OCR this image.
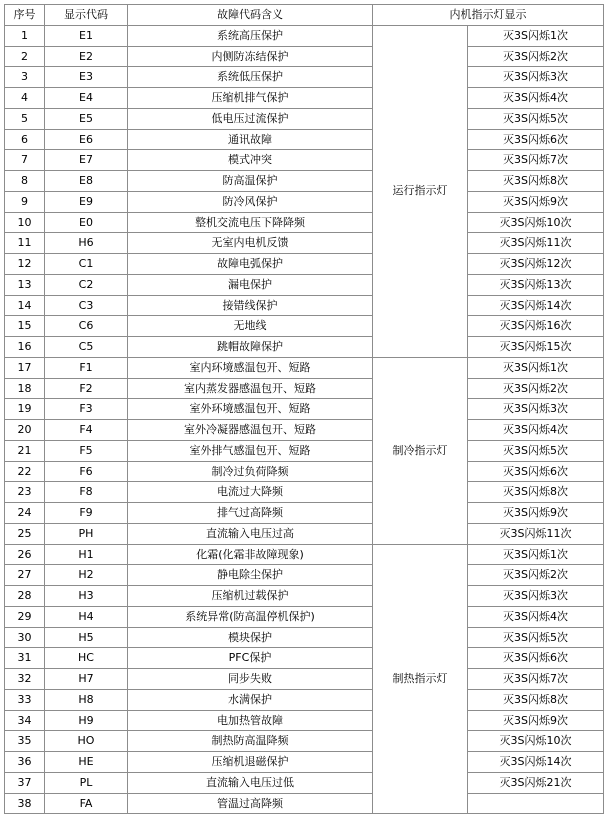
序号	显示代码	故障代码含义	内机指示灯显示	
1	E1	系统高压保护	运行指示灯	灭3S闪烁1次
2	E2	内侧防冻结保护		灭3S闪烁2次
3	E3	系统低压保护		灭3S闪烁3次
4	E4	压缩机排气保护		灭3S闪烁4次
5	E5	低电压过流保护		灭3S闪烁5次
6	E6	通讯故障		灭3S闪烁6次
7	E7	模式冲突		灭3S闪烁7次
8	E8	防高温保护		灭3S闪烁8次
9	E9	防冷风保护		灭3S闪烁9次
10	E0	整机交流电压下降降频		灭3S闪烁10次
11	H6	无室内电机反馈		灭3S闪烁11次
12	C1	故障电弧保护		灭3S闪烁12次
13	C2	漏电保护		灭3S闪烁13次
14	C3	接错线保护		灭3S闪烁14次
15	C6	无地线		灭3S闪烁16次
16	C5	跳帽故障保护		灭3S闪烁15次
17	F1	室内环境感温包开、短路	制冷指示灯	灭3S闪烁1次
18	F2	室内蒸发器感温包开、短路		灭3S闪烁2次
19	F3	室外环境感温包开、短路		灭3S闪烁3次
20	F4	室外冷凝器感温包开、短路		灭3S闪烁4次
21	F5	室外排气感温包开、短路		灭3S闪烁5次
22	F6	制冷过负荷降频		灭3S闪烁6次
23	F8	电流过大降频		灭3S闪烁8次
24	F9	排气过高降频		灭3S闪烁9次
25	PH	直流输入电压过高		灭3S闪烁11次
26	H1	化霜(化霜非故障现象)	制热指示灯	灭3S闪烁1次
27	H2	静电除尘保护		灭3S闪烁2次
28	H3	压缩机过载保护		灭3S闪烁3次
29	H4	系统异常(防高温停机保护)		灭3S闪烁4次
30	H5	模块保护		灭3S闪烁5次
31	HC	PFC保护		灭3S闪烁6次
32	H7	同步失败		灭3S闪烁7次
33	H8	水满保护		灭3S闪烁8次
34	H9	电加热管故障		灭3S闪烁9次
35	HO	制热防高温降频		灭3S闪烁10次
36	HE	压缩机退磁保护		灭3S闪烁14次
37	PL	直流输入电压过低		灭3S闪烁21次
38	FA	管温过高降频		
